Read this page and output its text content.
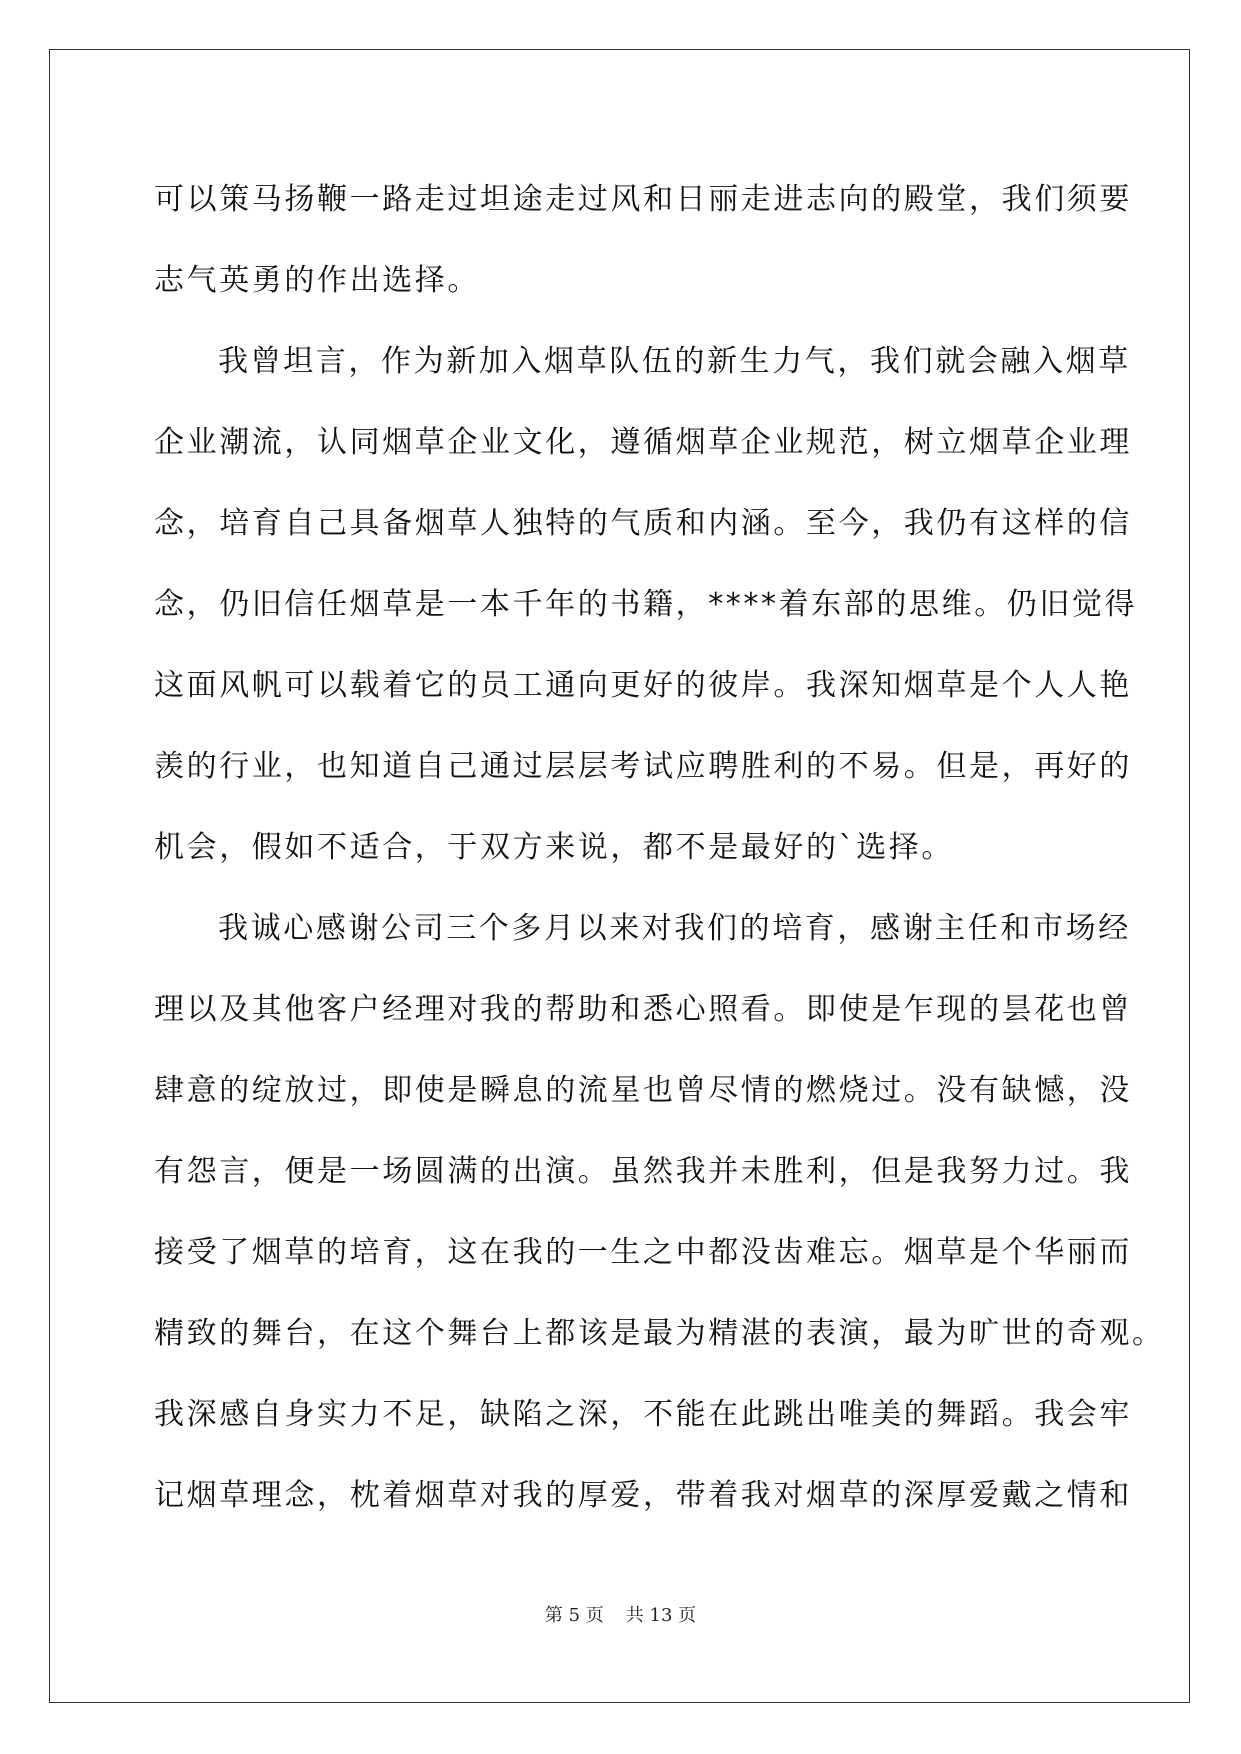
可以策马扬鞭一路走过坦途走过风和日丽走进志向的殿堂，我们须要
志气英勇的作出选择。
我曾坦言，作为新加入烟草队伍的新生力气，我们就会融入烟草
企业潮流，认同烟草企业文化，遵循烟草企业规范，树立烟草企业理
念，培育自己具备烟草人独特的气质和内涵。至今，我仍有这样的信
念，仍旧信任烟草是一本千年的书籍，****着东部的思维。仍旧觉得
这面风帆可以载着它的员工通向更好的彼岸。我深知烟草是个人人艳
羡的行业，也知道自己通过层层考试应聘胜利的不易。但是，再好的
机会，假如不适合，于双方来说，都不是最好的`选择。
我诚心感谢公司三个多月以来对我们的培育，感谢主任和市场经
理以及其他客户经理对我的帮助和悉心照看。即使是乍现的昙花也曾
肆意的绽放过，即使是瞬息的流星也曾尽情的燃烧过。没有缺憾，没
有怨言，便是一场圆满的出演。虽然我并未胜利，但是我努力过。我
接受了烟草的培育，这在我的一生之中都没齿难忘。烟草是个华丽而
精致的舞台，在这个舞台上都该是最为精湛的表演，最为旷世的奇观。
我深感自身实力不足，缺陷之深，不能在此跳出唯美的舞蹈。我会牢
记烟草理念，枕着烟草对我的厚爱，带着我对烟草的深厚爱戴之情和
第 5 页 共 13 页
